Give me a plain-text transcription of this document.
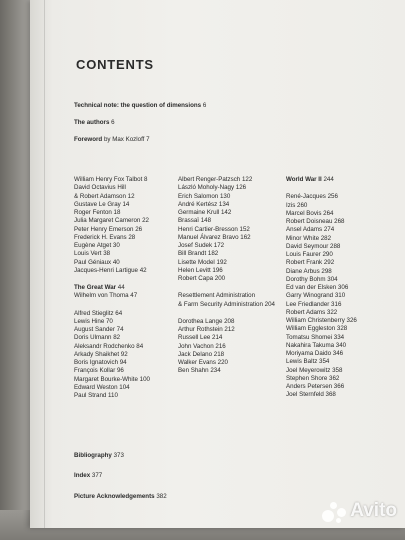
CONTENTS
Technical note: the question of dimensions 6
The authors 6
Foreword by Max Kozloff 7
William Henry Fox Talbot 8
David Octavius Hill
& Robert Adamson 12
Gustave Le Gray 14
Roger Fenton 18
Julia Margaret Cameron 22
Peter Henry Emerson 26
Frederick H. Evans 28
Eugène Atget 30
Louis Vert 38
Paul Géniaux 40
Jacques-Henri Lartigue 42
The Great War 44
Wilhelm von Thoma 47
Alfred Stieglitz 64
Lewis Hine 70
August Sander 74
Doris Ulmann 82
Aleksandr Rodchenko 84
Arkady Shaikhet 92
Boris Ignatovich 94
François Kollar 96
Margaret Bourke-White 100
Edward Weston 104
Paul Strand 110
Albert Renger-Patzsch 122
László Moholy-Nagy 126
Erich Salomon 130
André Kertész 134
Germaine Krull 142
Brassaï 148
Henri Cartier-Bresson 152
Manuel Álvarez Bravo 162
Josef Sudek 172
Bill Brandt 182
Lisette Model 192
Helen Levitt 196
Robert Capa 200
Resettlement Administration
& Farm Security Administration 204
Dorothea Lange 208
Arthur Rothstein 212
Russell Lee 214
John Vachon 216
Jack Delano 218
Walker Evans 220
Ben Shahn 234
World War II 244
René-Jacques 256
Izis 260
Marcel Bovis 264
Robert Doisneau 268
Ansel Adams 274
Minor White 282
David Seymour 288
Louis Faurer 290
Robert Frank 292
Diane Arbus 298
Dorothy Bohm 304
Ed van der Elsken 306
Garry Winogrand 310
Lee Friedlander 316
Robert Adams 322
William Christenberry 326
William Eggleston 328
Tomatsu Shomei 334
Nakahira Takuma 340
Moriyama Daido 346
Lewis Baltz 354
Joel Meyerowitz 358
Stephen Shore 362
Anders Petersen 366
Joel Sternfeld 368
Bibliography 373
Index 377
Picture Acknowledgements 382
Avito
